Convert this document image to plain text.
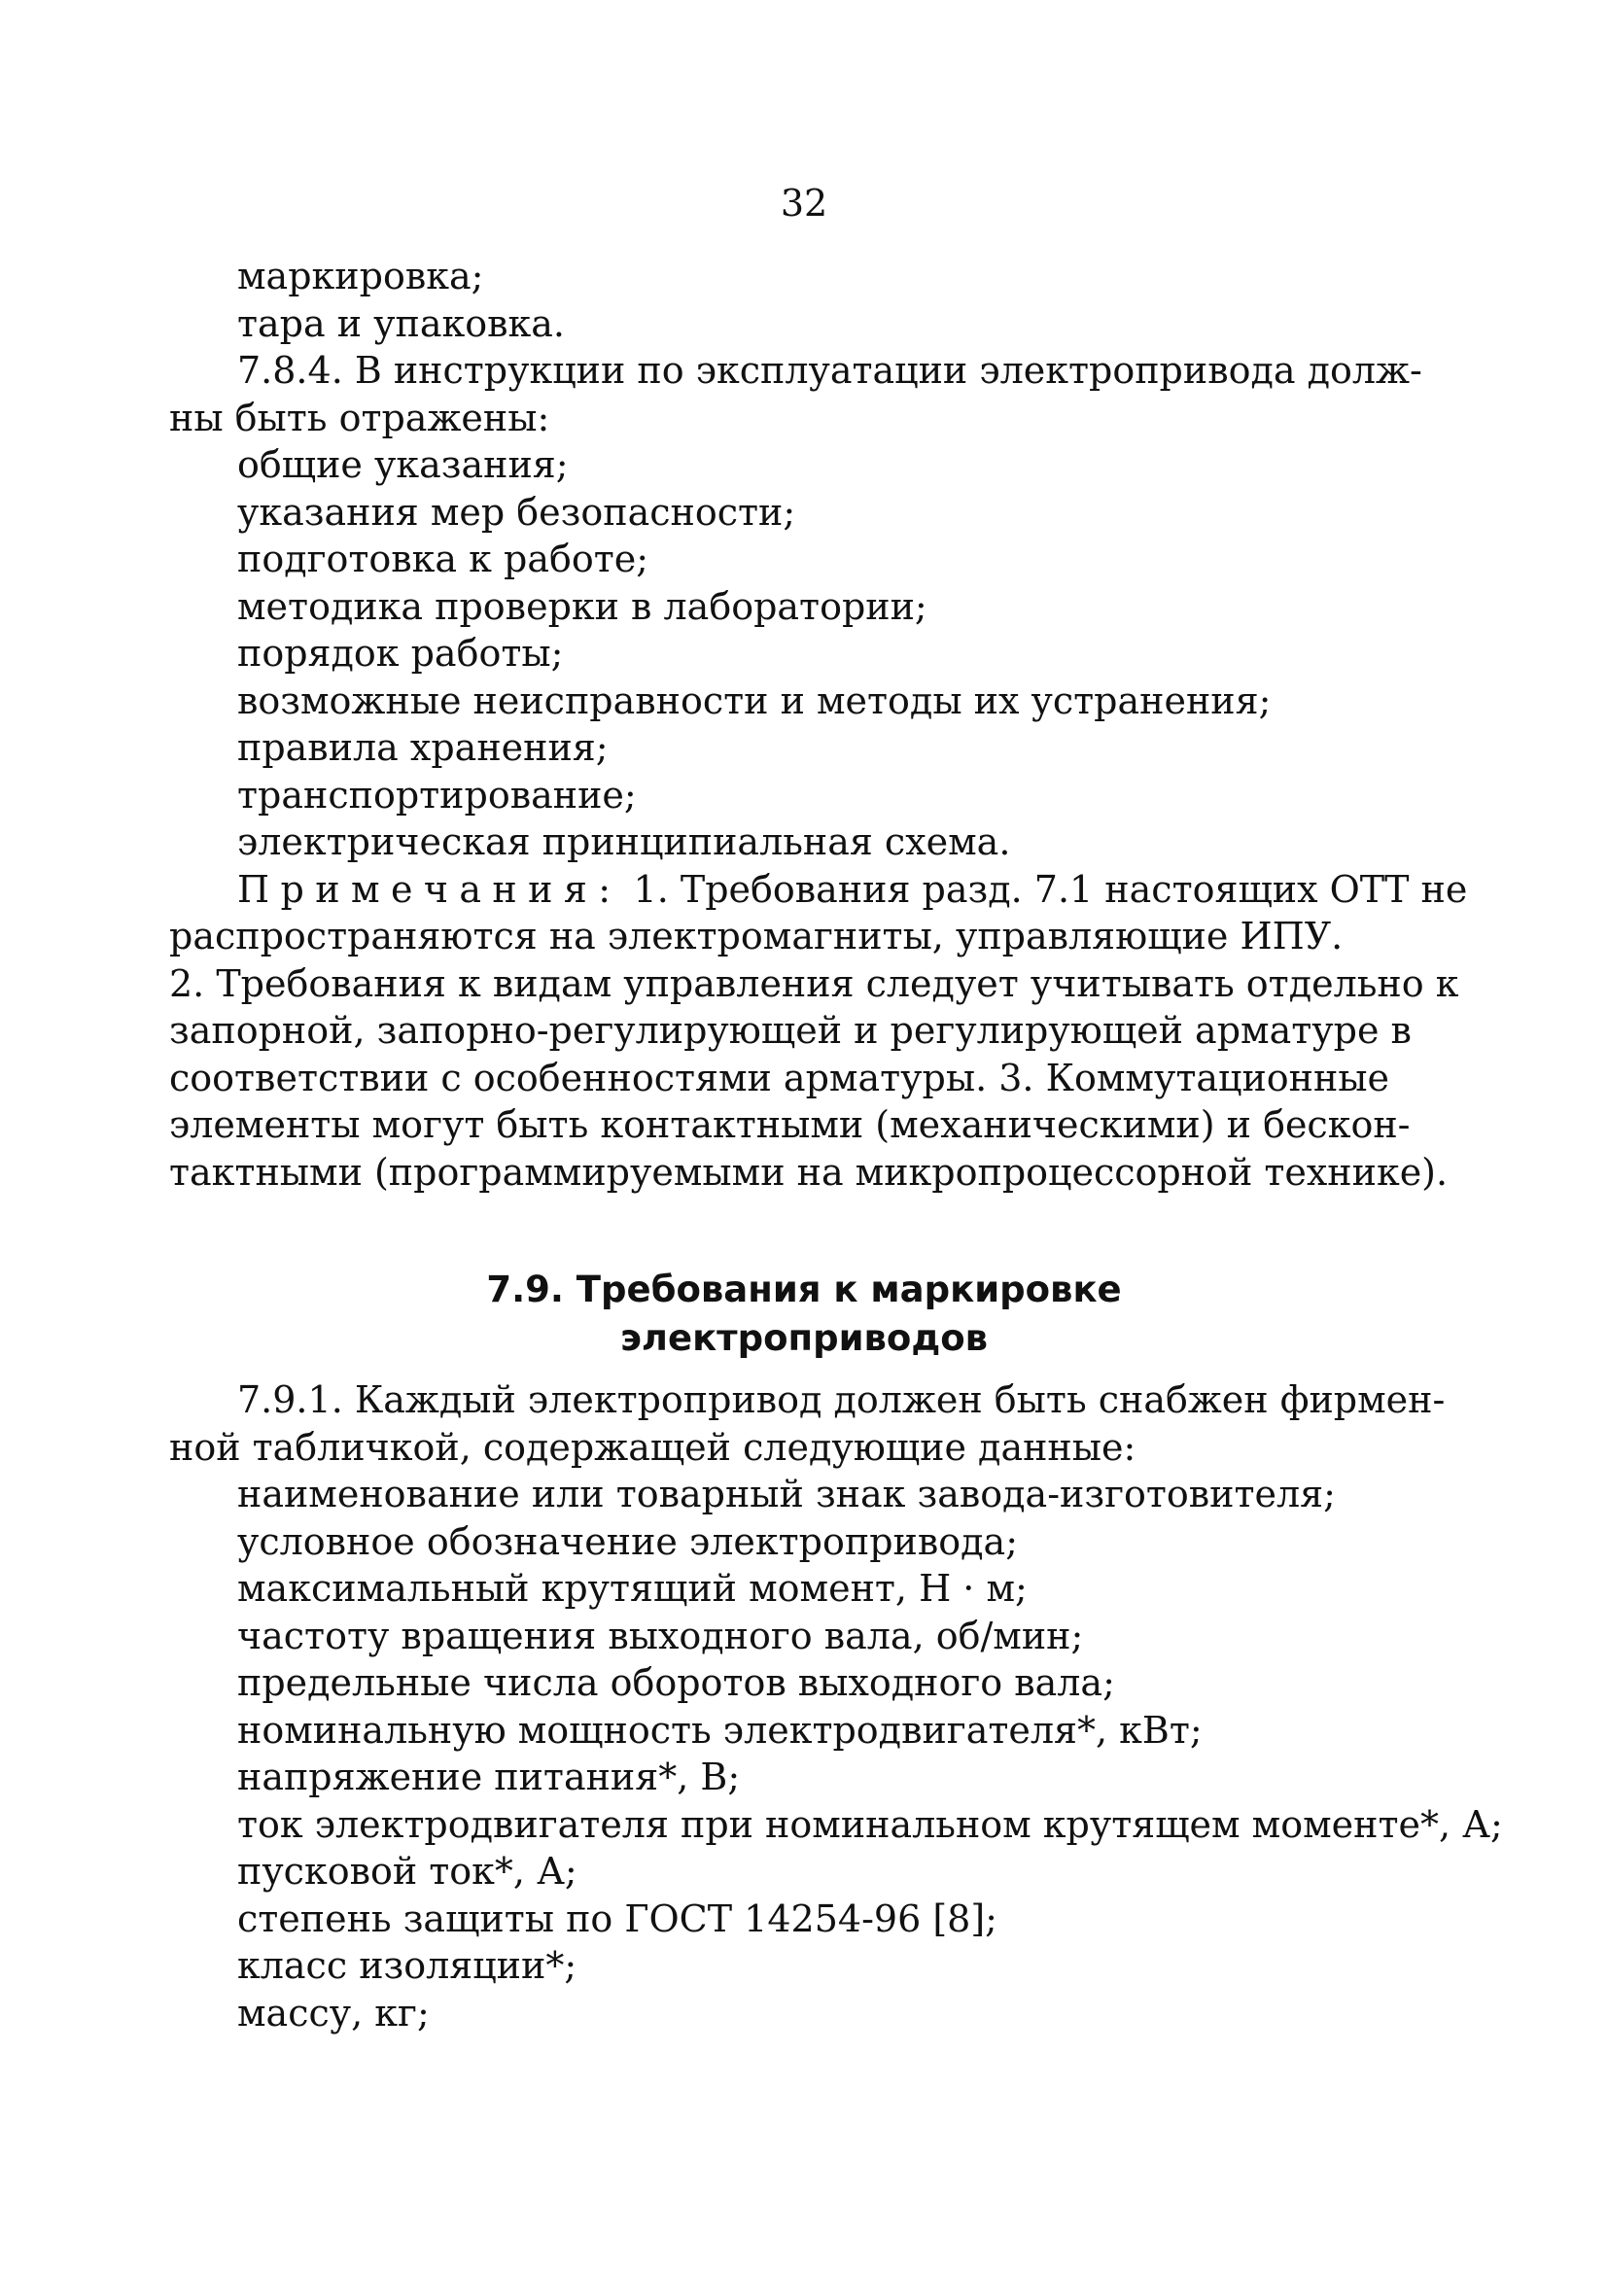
32
маркировка;
тара и упаковка.
7.8.4. В инструкции по эксплуатации электропривода долж-
ны быть отражены:
общие указания;
указания мер безопасности;
подготовка к работе;
методика проверки в лаборатории;
порядок работы;
возможные неисправности и методы их устранения;
правила хранения;
транспортирование;
электрическая принципиальная схема.
Примечания: 1. Требования разд. 7.1 настоящих ОТТ не
распространяются на электромагниты, управляющие ИПУ.
2. Требования к видам управления следует учитывать отдельно к
запорной, запорно-регулирующей и регулирующей арматуре в
соответствии с особенностями арматуры. 3. Коммутационные
элементы могут быть контактными (механическими) и бескон-
тактными (программируемыми на микропроцессорной технике).
7.9. Требования к маркировке
электроприводов
7.9.1. Каждый электропривод должен быть снабжен фирмен-
ной табличкой, содержащей следующие данные:
наименование или товарный знак завода-изготовителя;
условное обозначение электропривода;
максимальный крутящий момент, Н · м;
частоту вращения выходного вала, об/мин;
предельные числа оборотов выходного вала;
номинальную мощность электродвигателя*, кВт;
напряжение питания*, В;
ток электродвигателя при номинальном крутящем моменте*, А;
пусковой ток*, А;
степень защиты по ГОСТ 14254-96 [8];
класс изоляции*;
массу, кг;
